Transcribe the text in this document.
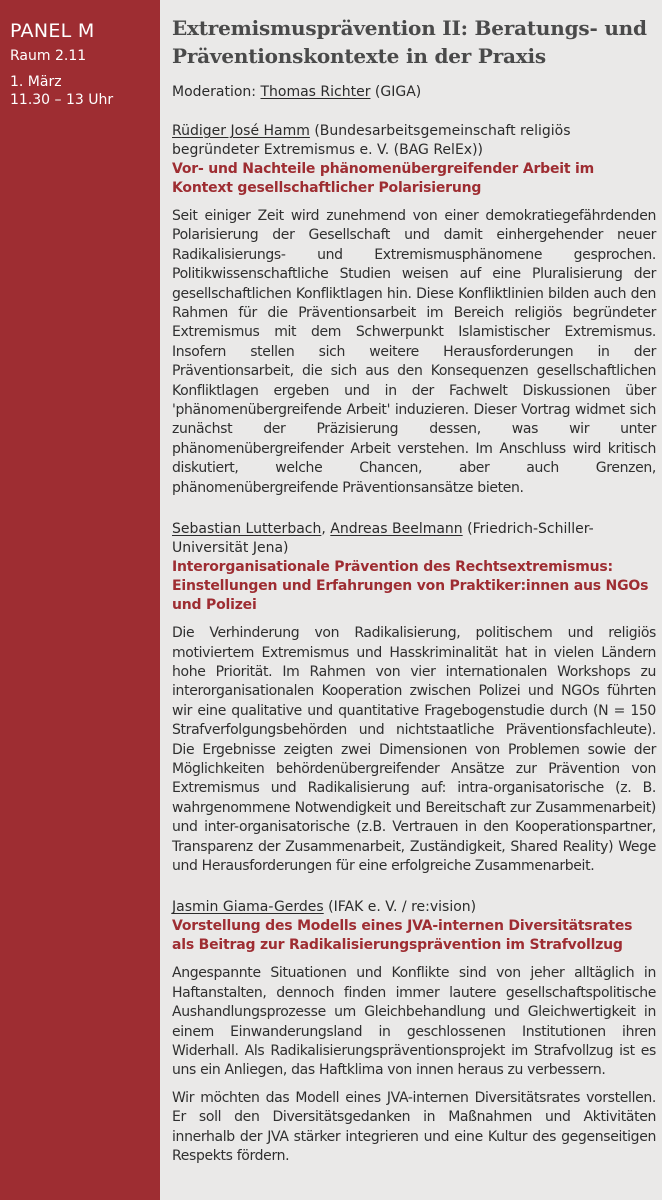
PANEL M
Raum 2.11
1. März
11.30 – 13 Uhr
Extremismusprävention II: Beratungs- und Präventionskontexte in der Praxis
Moderation: Thomas Richter (GIGA)
Rüdiger José Hamm (Bundesarbeitsgemeinschaft religiös begründeter Extremismus e. V. (BAG RelEx))
Vor- und Nachteile phänomenübergreifender Arbeit im Kontext gesellschaftlicher Polarisierung

Seit einiger Zeit wird zunehmend von einer demokratiegefährdenden Polarisierung der Gesellschaft und damit einhergehender neuer Radikalisierungs- und Extremismusphänomene gesprochen. Politikwissenschaftliche Studien weisen auf eine Pluralisierung der gesellschaftlichen Konfliktlagen hin. Diese Konfliktlinien bilden auch den Rahmen für die Präventionsarbeit im Bereich religiös begründeter Extremismus mit dem Schwerpunkt Islamistischer Extremismus. Insofern stellen sich weitere Herausforderungen in der Präventionsarbeit, die sich aus den Konsequenzen gesellschaftlichen Konfliktlagen ergeben und in der Fachwelt Diskussionen über 'phänomenübergreifende Arbeit' induzieren. Dieser Vortrag widmet sich zunächst der Präzisierung dessen, was wir unter phänomenübergreifender Arbeit verstehen. Im Anschluss wird kritisch diskutiert, welche Chancen, aber auch Grenzen, phänomenübergreifende Präventionsansätze bieten.

Sebastian Lutterbach, Andreas Beelmann (Friedrich-Schiller-Universität Jena)
Interorganisationale Prävention des Rechtsextremismus: Einstellungen und Erfahrungen von Praktiker:innen aus NGOs und Polizei

Die Verhinderung von Radikalisierung, politischem und religiös motiviertem Extremismus und Hasskriminalität hat in vielen Ländern hohe Priorität. Im Rahmen von vier internationalen Workshops zu interorganisationalen Kooperation zwischen Polizei und NGOs führten wir eine qualitative und quantitative Fragebogenstudie durch (N = 150 Strafverfolgungsbehörden und nichtstaatliche Präventionsfachleute). Die Ergebnisse zeigten zwei Dimensionen von Problemen sowie der Möglichkeiten behördenübergreifender Ansätze zur Prävention von Extremismus und Radikalisierung auf: intra-organisatorische (z. B. wahrgenommene Notwendigkeit und Bereitschaft zur Zusammenarbeit) und inter-organisatorische (z.B. Vertrauen in den Kooperationspartner, Transparenz der Zusammenarbeit, Zuständigkeit, Shared Reality) Wege und Herausforderungen für eine erfolgreiche Zusammenarbeit.

Jasmin Giama-Gerdes (IFAK e. V. / re:vision)
Vorstellung des Modells eines JVA-internen Diversitätsrates als Beitrag zur Radikalisierungsprävention im Strafvollzug

Angespannte Situationen und Konflikte sind von jeher alltäglich in Haftanstalten, dennoch finden immer lautere gesellschaftspolitische Aushandlungsprozesse um Gleichbehandlung und Gleichwertigkeit in einem Einwanderungsland in geschlossenen Institutionen ihren Widerhall. Als Radikalisierungspräventionsprojekt im Strafvollzug ist es uns ein Anliegen, das Haftklima von innen heraus zu verbessern.

Wir möchten das Modell eines JVA-internen Diversitätsrates vorstellen. Er soll den Diversitätsgedanken in Maßnahmen und Aktivitäten innerhalb der JVA stärker integrieren und eine Kultur des gegenseitigen Respekts fördern.
